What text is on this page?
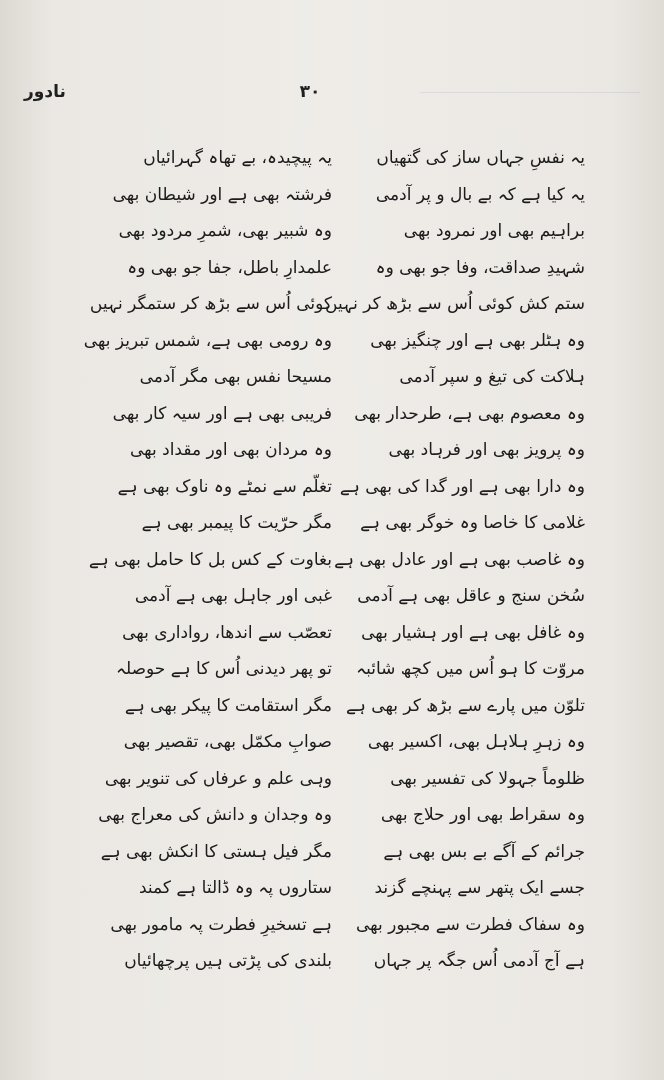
۳۰
نادور
یہ نفسِ جہاں ساز کی گتھیاں
یہ کیا ہے کہ بے بال و پر آدمی
براہیم بھی اور نمرود بھی
شہیدِ صداقت، وفا جو بھی وہ
ستم کش کوئی اُس سے بڑھ کر نہیں
وہ ہٹلر بھی ہے اور چنگیز بھی
ہلاکت کی تیغ و سپر آدمی
وہ معصوم بھی ہے، طرحدار بھی
وہ پرویز بھی اور فرہاد بھی
وہ دارا بھی ہے اور گدا کی بھی ہے
غلامی کا خاصا وہ خوگر بھی ہے
وہ غاصب بھی ہے اور عادل بھی ہے
سُخن سنج و عاقل بھی ہے آدمی
وہ غافل بھی ہے اور ہشیار بھی
مروّت کا ہو اُس میں کچھ شائبہ
تلوّن میں پارے سے بڑھ کر بھی ہے
وہ زہرِ ہلاہل بھی، اکسیر بھی
ظلوماً جہولا کی تفسیر بھی
وہ سقراط بھی اور حلاج بھی
جرائم کے آگے بے بس بھی ہے
جسے ایک پتھر سے پہنچے گزند
وہ سفاک فطرت سے مجبور بھی
ہے آج آدمی اُس جگہ پر جہاں
یہ پیچیدہ، بے تھاہ گہرائیاں
فرشتہ بھی ہے اور شیطان بھی
وہ شبیر بھی، شمرِ مردود بھی
علمدارِ باطل، جفا جو بھی وہ
کوئی اُس سے بڑھ کر ستمگر نہیں
وہ رومی بھی ہے، شمس تبریز بھی
مسیحا نفس بھی مگر آدمی
فریبی بھی ہے اور سیہ کار بھی
وہ مردان بھی اور مقداد بھی
تغلّم سے نمٹے وہ ناوک بھی ہے
مگر حرّیت کا پیمبر بھی ہے
بغاوت کے کس بل کا حامل بھی ہے
غبی اور جاہل بھی ہے آدمی
تعصّب سے اندھا، رواداری بھی
تو پھر دیدنی اُس کا ہے حوصلہ
مگر استقامت کا پیکر بھی ہے
صوابِ مکمّل بھی، تقصیر بھی
وہی علم و عرفاں کی تنویر بھی
وہ وجدان و دانش کی معراج بھی
مگر فیل ہستی کا انکش بھی ہے
ستاروں پہ وہ ڈالتا ہے کمند
ہے تسخیرِ فطرت پہ مامور بھی
بلندی کی پڑتی ہیں پرچھائیاں
